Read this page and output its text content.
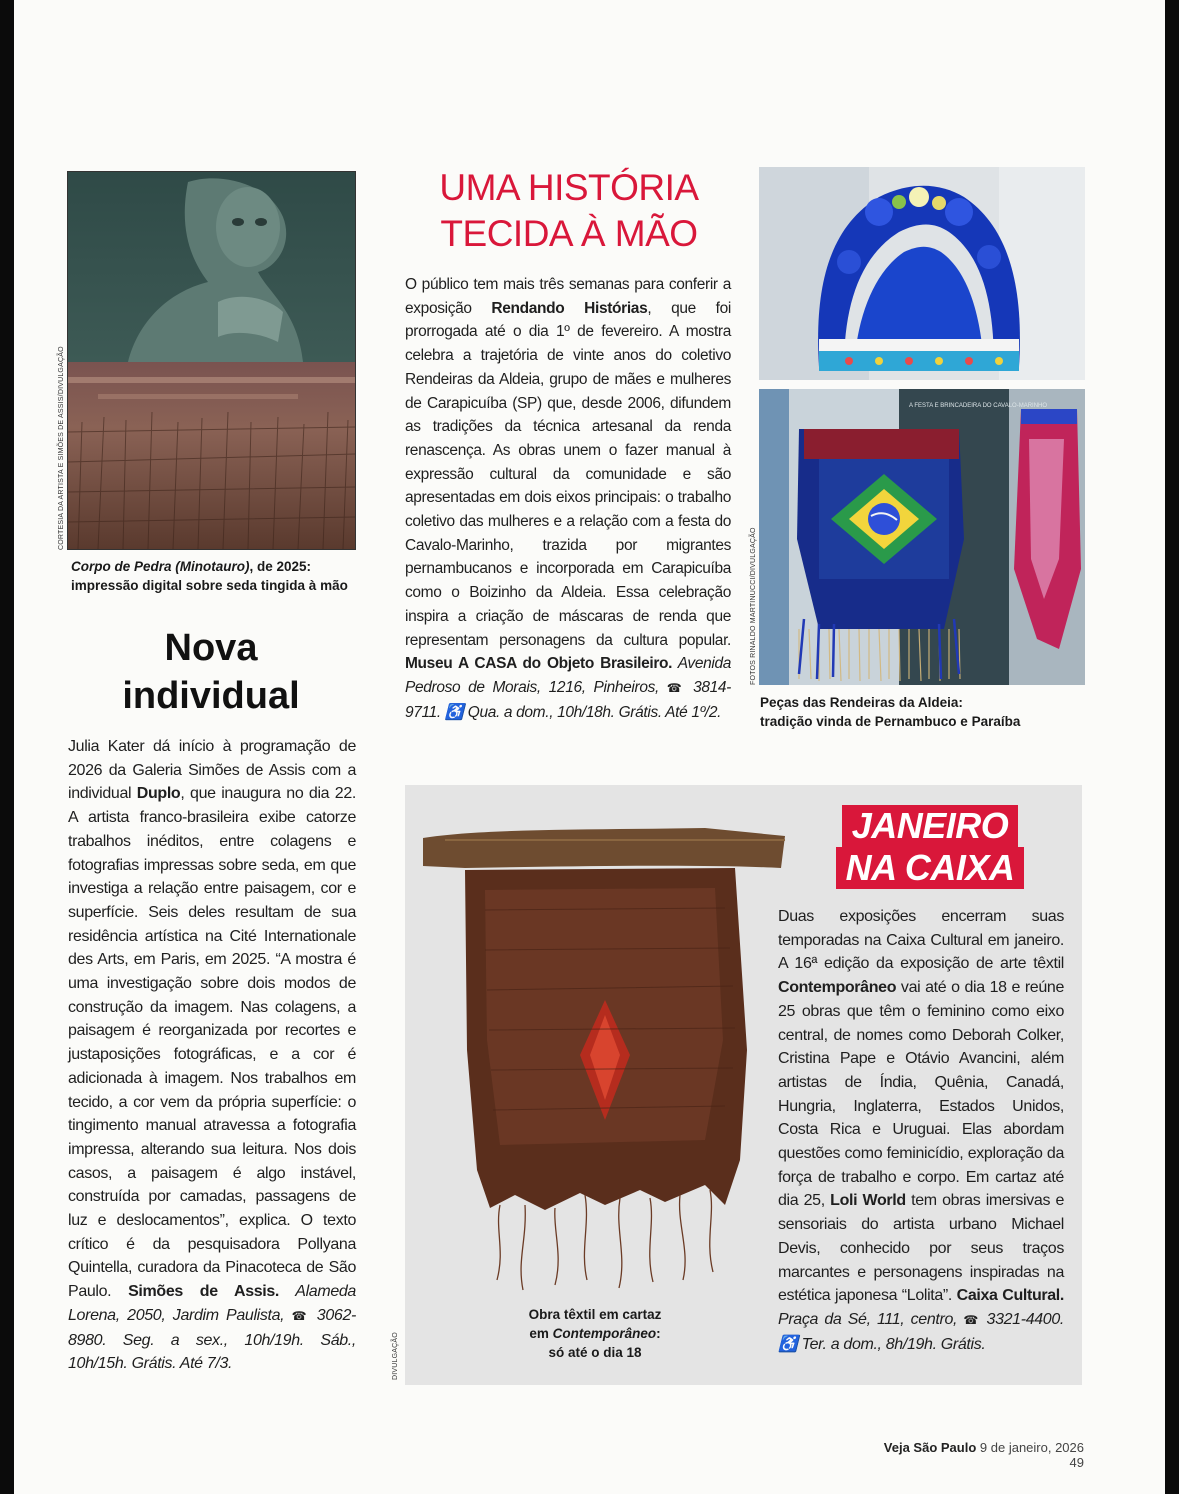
CORTESIA DA ARTISTA E SIMÕES DE ASSIS/DIVULGAÇÃO
Corpo de Pedra (Minotauro), de 2025:
impressão digital sobre seda tingida à mão
Nova
individual
Julia Kater dá início à programação de 2026 da Galeria Simões de Assis com a individual Duplo, que inaugura no dia 22. A artista franco-brasileira exibe catorze trabalhos inéditos, entre colagens e fotografias impressas sobre seda, em que investiga a relação entre paisagem, cor e superfície. Seis deles resultam de sua residência artística na Cité Internationale des Arts, em Paris, em 2025. “A mostra é uma investigação sobre dois modos de construção da imagem. Nas colagens, a paisagem é reorganizada por recortes e justaposições fotográficas, e a cor é adicionada à imagem. Nos trabalhos em tecido, a cor vem da própria superfície: o tingimento manual atravessa a fotografia impressa, alterando sua leitura. Nos dois casos, a paisagem é algo instável, construída por camadas, passagens de luz e deslocamentos”, explica. O texto crítico é da pesquisadora Pollyana Quintella, curadora da Pinacoteca de São Paulo. Simões de Assis. Alameda Lorena, 2050, Jardim Paulista, ☎ 3062-8980. Seg. a sex., 10h/19h. Sáb., 10h/15h. Grátis. Até 7/3.
UMA HISTÓRIA
TECIDA À MÃO
O público tem mais três semanas para conferir a exposição Rendando Histórias, que foi prorrogada até o dia 1º de fevereiro. A mostra celebra a trajetória de vinte anos do coletivo Rendeiras da Aldeia, grupo de mães e mulheres de Carapicuíba (SP) que, desde 2006, difundem as tradições da técnica artesanal da renda renascença. As obras unem o fazer manual à expressão cultural da comunidade e são apresentadas em dois eixos principais: o trabalho coletivo das mulheres e a relação com a festa do Cavalo-Marinho, trazida por migrantes pernambucanos e incorporada em Carapicuíba como o Boizinho da Aldeia. Essa celebração inspira a criação de máscaras de renda que representam personagens da cultura popular. Museu A CASA do Objeto Brasileiro. Avenida Pedroso de Morais, 1216, Pinheiros, ☎ 3814-9711. ♿ Qua. a dom., 10h/18h. Grátis. Até 1º/2.
A FESTA E BRINCADEIRA DO CAVALO-MARINHO
FOTOS RINALDO MARTINUCCI/DIVULGAÇÃO
Peças das Rendeiras da Aldeia:
tradição vinda de Pernambuco e Paraíba
DIVULGAÇÃO
Obra têxtil em cartaz
em Contemporâneo:
só até o dia 18
JANEIRO
NA CAIXA
Duas exposições encerram suas temporadas na Caixa Cultural em janeiro. A 16ª edição da exposição de arte têxtil Contemporâneo vai até o dia 18 e reúne 25 obras que têm o feminino como eixo central, de nomes como Deborah Colker, Cristina Pape e Otávio Avancini, além artistas de Índia, Quênia, Canadá, Hungria, Inglaterra, Estados Unidos, Costa Rica e Uruguai. Elas abordam questões como feminicídio, exploração da força de trabalho e corpo. Em cartaz até dia 25, Loli World tem obras imersivas e sensoriais do artista urbano Michael Devis, conhecido por seus traços marcantes e personagens inspiradas na estética japonesa “Lolita”. Caixa Cultural. Praça da Sé, 111, centro, ☎ 3321-4400. ♿ Ter. a dom., 8h/19h. Grátis.
Veja São Paulo 9 de janeiro, 2026 49
